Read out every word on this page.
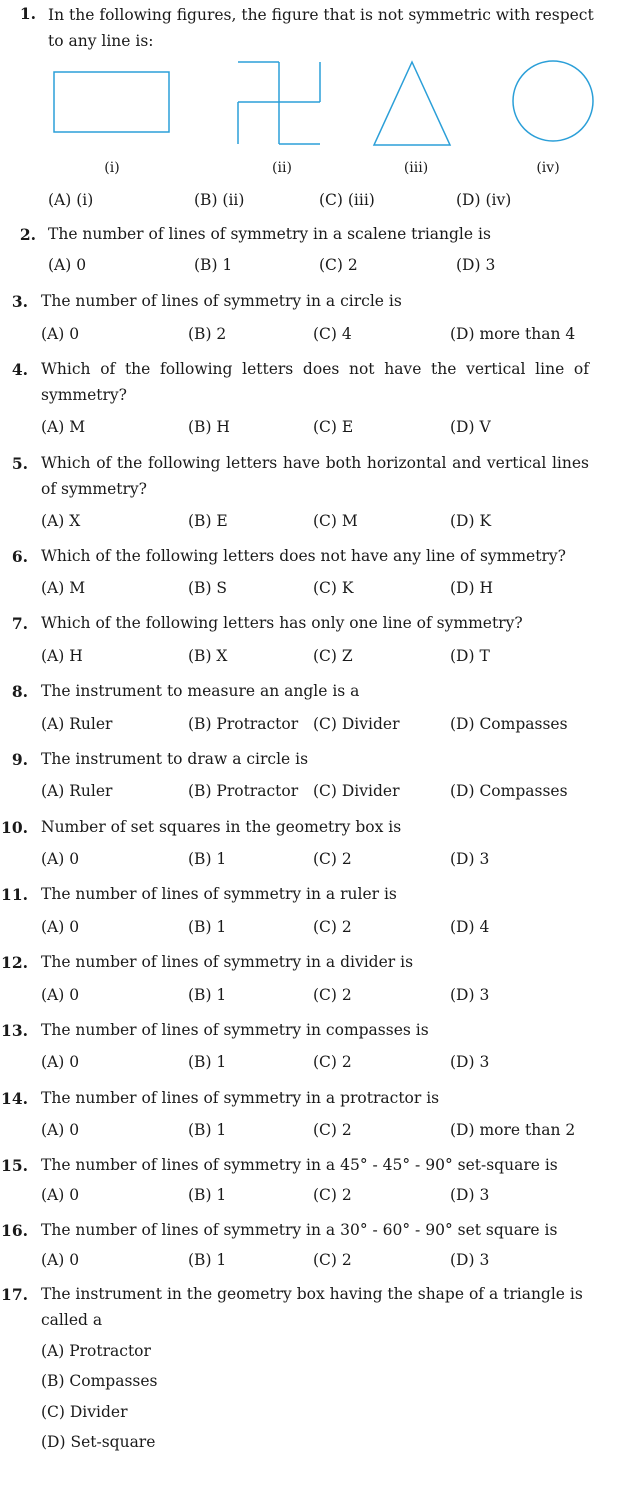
1. In the following figures, the figure that is not symmetric with respect to any line is:
(i)	(ii)	(iii)	(iv)
(A) (i)	(B) (ii)	(C) (iii)	(D) (iv)
2. The number of lines of symmetry in a scalene triangle is
(A) 0	(B) 1	(C) 2	(D) 3
3. The number of lines of symmetry in a circle is
(A) 0	(B) 2	(C) 4	(D) more than 4
4. Which of the following letters does not have the vertical line of symmetry?
(A) M	(B) H	(C) E	(D) V
5. Which of the following letters have both horizontal and vertical lines of symmetry?
(A) X	(B) E	(C) M	(D) K
6. Which of the following letters does not have any line of symmetry?
(A) M	(B) S	(C) K	(D) H
7. Which of the following letters has only one line of symmetry?
(A) H	(B) X	(C) Z	(D) T
8. The instrument to measure an angle is a
(A) Ruler	(B) Protractor (C) Divider	(D) Compasses
9. The instrument to draw a circle is
(A) Ruler	(B) Protractor (C) Divider	(D) Compasses
10. Number of set squares in the geometry box is
(A) 0	(B) 1	(C) 2	(D) 3
11. The number of lines of symmetry in a ruler is
(A) 0	(B) 1	(C) 2	(D) 4
12. The number of lines of symmetry in a divider is
(A) 0	(B) 1	(C) 2	(D) 3
13. The number of lines of symmetry in compasses is
(A) 0	(B) 1	(C) 2	(D) 3
14. The number of lines of symmetry in a protractor is
(A) 0	(B) 1	(C) 2	(D) more than 2
15. The number of lines of symmetry in a 45° - 45° - 90° set-square is
(A) 0	(B) 1	(C) 2	(D) 3
16. The number of lines of symmetry in a 30° - 60° - 90° set square is
(A) 0	(B) 1	(C) 2	(D) 3
17. The instrument in the geometry box having the shape of a triangle is called a
(A) Protractor
(B) Compasses
(C) Divider
(D) Set-square
